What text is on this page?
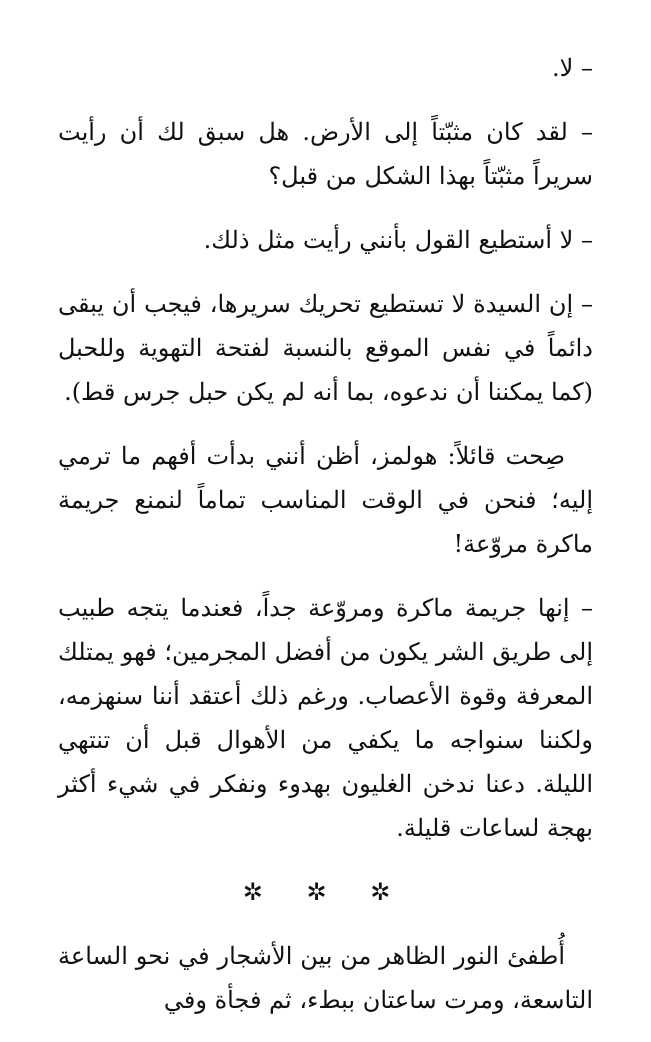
– لا.

– لقد كان مثبّتاً إلى الأرض. هل سبق لك أن رأيت سريراً مثبّتاً بهذا الشكل من قبل؟

– لا أستطيع القول بأنني رأيت مثل ذلك.

– إن السيدة لا تستطيع تحريك سريرها، فيجب أن يبقى دائماً في نفس الموقع بالنسبة لفتحة التهوية وللحبل (كما يمكننا أن ندعوه، بما أنه لم يكن حبل جرس قط).

صِحت قائلاً: هولمز، أظن أنني بدأت أفهم ما ترمي إليه؛ فنحن في الوقت المناسب تماماً لنمنع جريمة ماكرة مروّعة!

– إنها جريمة ماكرة ومروّعة جداً، فعندما يتجه طبيب إلى طريق الشر يكون من أفضل المجرمين؛ فهو يمتلك المعرفة وقوة الأعصاب. ورغم ذلك أعتقد أننا سنهزمه، ولكننا سنواجه ما يكفي من الأهوال قبل أن تنتهي الليلة. دعنا ندخن الغليون بهدوء ونفكر في شيء أكثر بهجة لساعات قليلة.

✲ ✲ ✲

أُطفئ النور الظاهر من بين الأشجار في نحو الساعة التاسعة، ومرت ساعتان ببطء، ثم فجأة وفي
